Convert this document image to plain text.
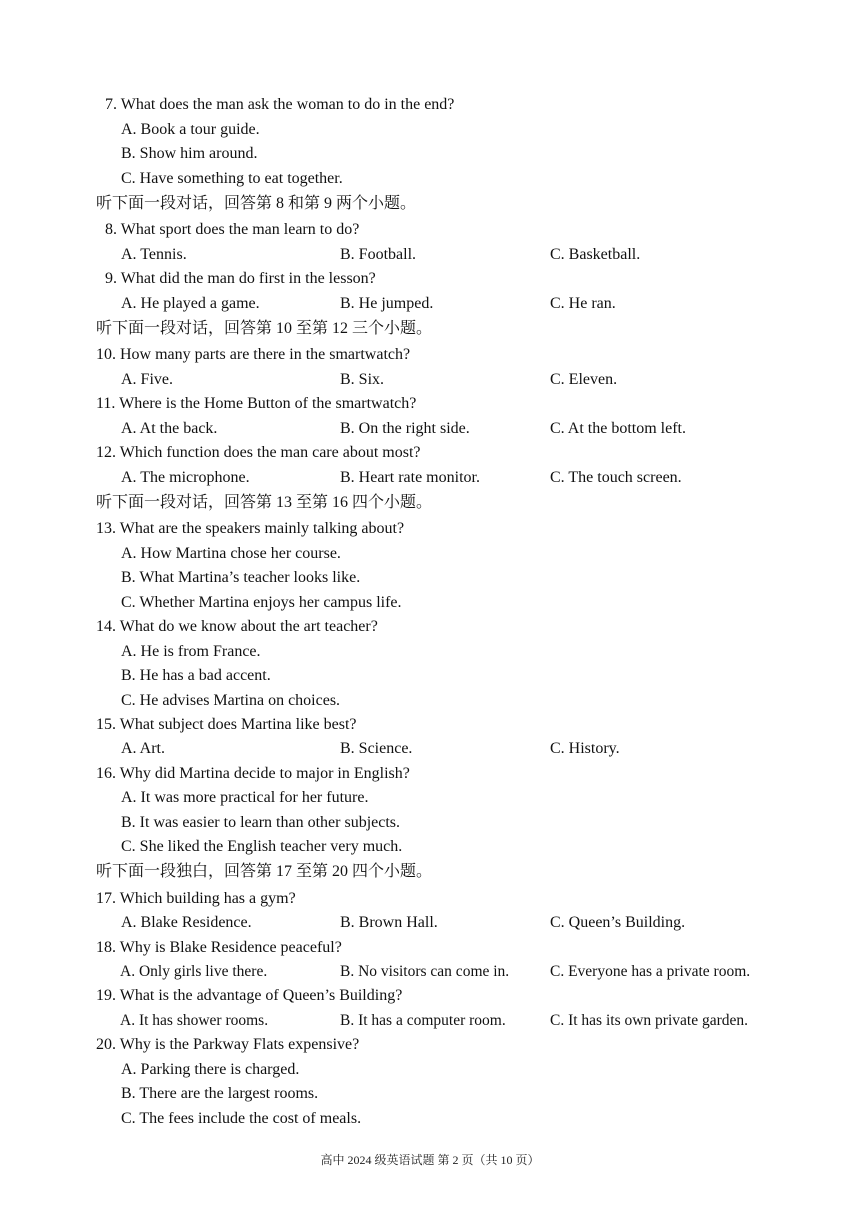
7. What does the man ask the woman to do in the end?
A. Book a tour guide.
B. Show him around.
C. Have something to eat together.
听下面一段对话，回答第 8 和第 9 两个小题。
8. What sport does the man learn to do?
A. Tennis.	B. Football.	C. Basketball.
9. What did the man do first in the lesson?
A. He played a game.	B. He jumped.	C. He ran.
听下面一段对话，回答第 10 至第 12 三个小题。
10. How many parts are there in the smartwatch?
A. Five.	B. Six.	C. Eleven.
11. Where is the Home Button of the smartwatch?
A. At the back.	B. On the right side.	C. At the bottom left.
12. Which function does the man care about most?
A. The microphone.	B. Heart rate monitor.	C. The touch screen.
听下面一段对话，回答第 13 至第 16 四个小题。
13. What are the speakers mainly talking about?
A. How Martina chose her course.
B. What Martina’s teacher looks like.
C. Whether Martina enjoys her campus life.
14. What do we know about the art teacher?
A. He is from France.
B. He has a bad accent.
C. He advises Martina on choices.
15. What subject does Martina like best?
A. Art.	B. Science.	C. History.
16. Why did Martina decide to major in English?
A. It was more practical for her future.
B. It was easier to learn than other subjects.
C. She liked the English teacher very much.
听下面一段独白，回答第 17 至第 20 四个小题。
17. Which building has a gym?
A. Blake Residence.	B. Brown Hall.	C. Queen’s Building.
18. Why is Blake Residence peaceful?
A. Only girls live there.	B. No visitors can come in.	C. Everyone has a private room.
19. What is the advantage of Queen’s Building?
A. It has shower rooms.	B. It has a computer room.	C. It has its own private garden.
20. Why is the Parkway Flats expensive?
A. Parking there is charged.
B. There are the largest rooms.
C. The fees include the cost of meals.
高中 2024 级英语试题 第 2 页（共 10 页）
